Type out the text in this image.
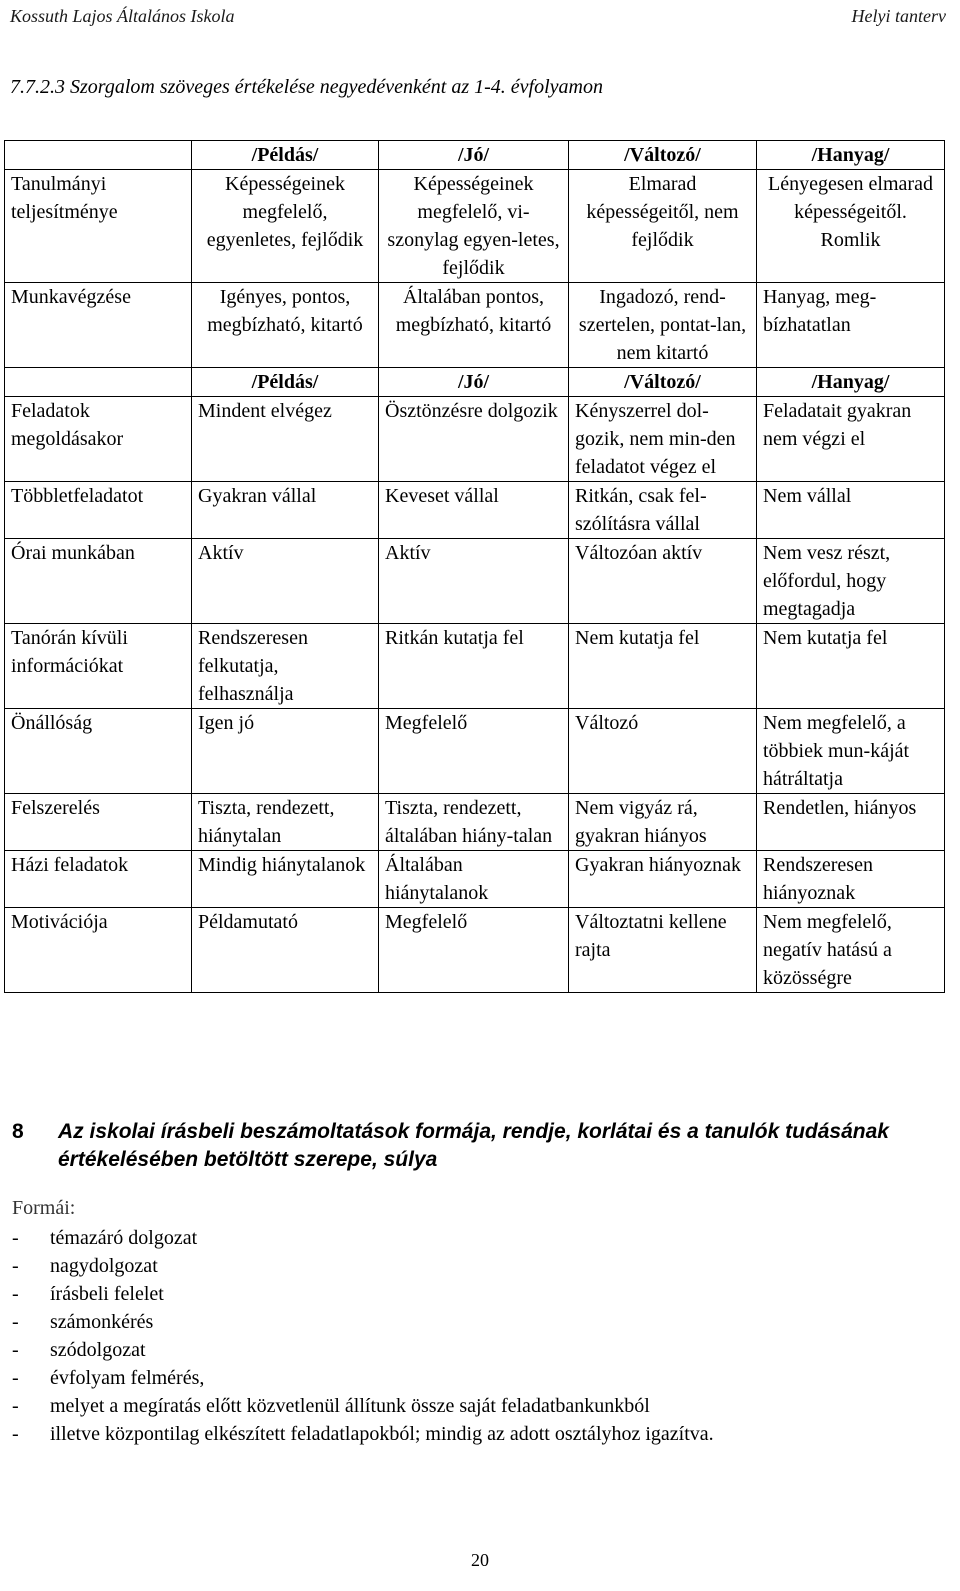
Kossuth Lajos Általános Iskola	Helyi tanterv
7.7.2.3 Szorgalom szöveges értékelése negyedévenként az 1-4. évfolyamon
	/Példás/	/Jó/	/Változó/	/Hanyag/
Tanulmányi teljesítménye	Képességeinek megfelelő, egyenletes, fejlődik	Képességeinek megfelelő, vi-szonylag egyen-letes, fejlődik	Elmarad képességeitől, nem fejlődik	Lényegesen elmarad képességeitől. Romlik
Munkavégzése	Igényes, pontos, megbízható, kitartó	Általában pontos, megbízható, kitartó	Ingadozó, rend-szertelen, pontat-lan, nem kitartó	Hanyag, meg-bízhatatlan
	/Példás/	/Jó/	/Változó/	/Hanyag/
Feladatok megoldásakor	Mindent elvégez	Ösztönzésre dolgozik	Kényszerrel dol-gozik, nem min-den feladatot végez el	Feladatait gyakran nem végzi el
Többletfeladatot	Gyakran vállal	Keveset vállal	Ritkán, csak fel-szólításra vállal	Nem vállal
Órai munkában	Aktív	Aktív	Változóan aktív	Nem vesz részt, előfordul, hogy megtagadja
Tanórán kívüli információkat	Rendszeresen felkutatja, felhasználja	Ritkán kutatja fel	Nem kutatja fel	Nem kutatja fel
Önállóság	Igen jó	Megfelelő	Változó	Nem megfelelő, a többiek mun-káját hátráltatja
Felszerelés	Tiszta, rendezett, hiánytalan	Tiszta, rendezett, általában hiány-talan	Nem vigyáz rá, gyakran hiányos	Rendetlen, hiányos
Házi feladatok	Mindig hiánytalanok	Általában hiánytalanok	Gyakran hiányoznak	Rendszeresen hiányoznak
Motivációja	Példamutató	Megfelelő	Változtatni kellene rajta	Nem megfelelő, negatív hatású a közösségre
8 Az iskolai írásbeli beszámoltatások formája, rendje, korlátai és a tanulók tudásának értékelésében betöltött szerepe, súlya
Formái:
- témazáró dolgozat
- nagydolgozat
- írásbeli felelet
- számonkérés
- szódolgozat
- évfolyam felmérés,
- melyet a megíratás előtt közvetlenül állítunk össze saját feladatbankunkból
- illetve központilag elkészített feladatlapokból; mindig az adott osztályhoz igazítva.
20
